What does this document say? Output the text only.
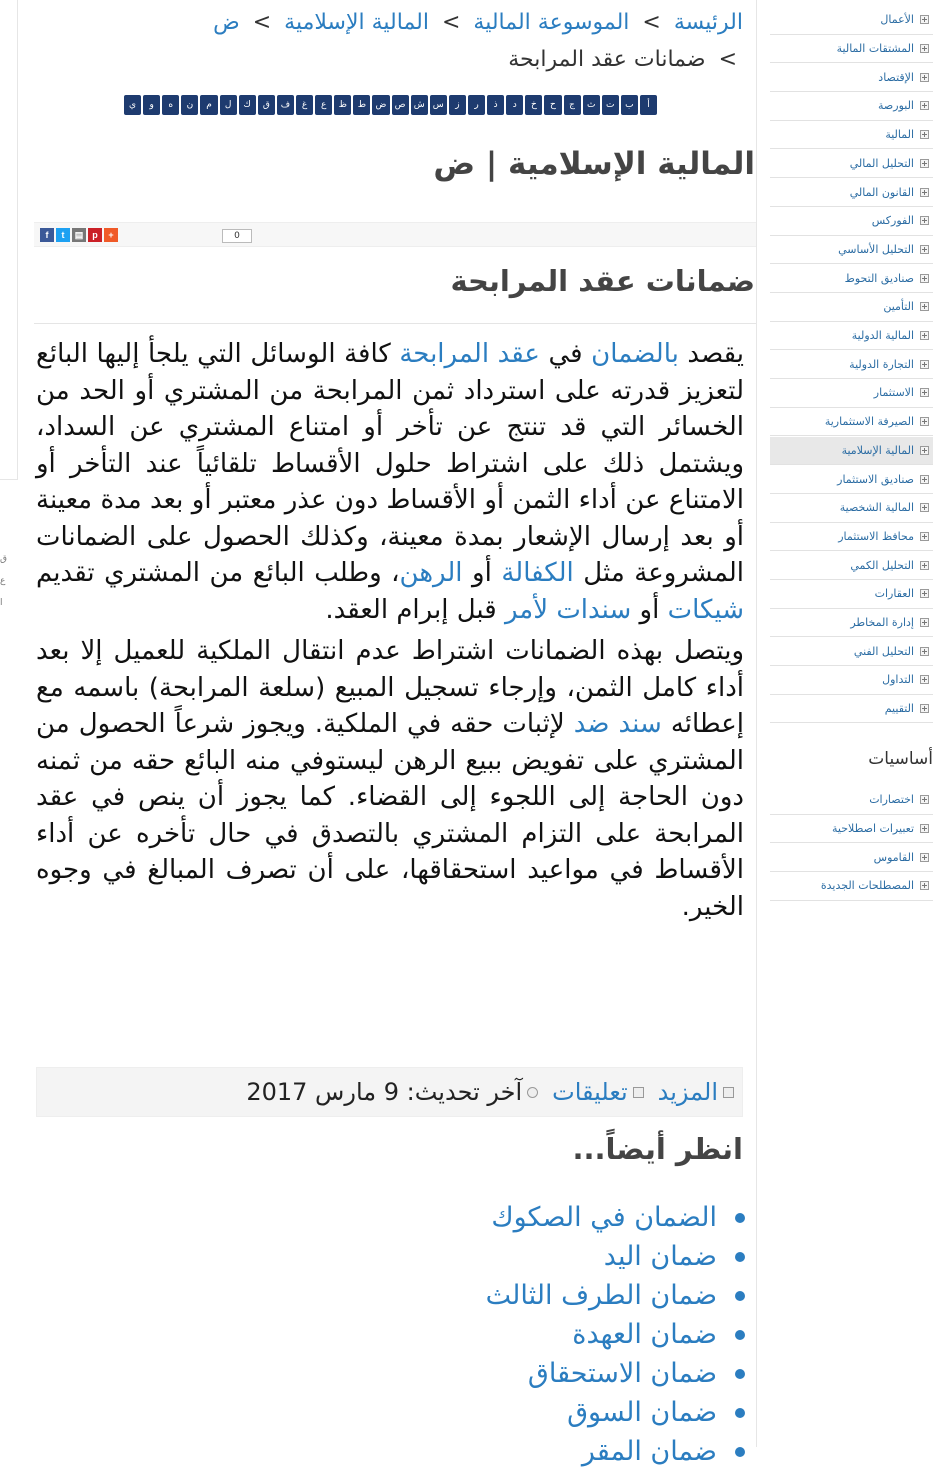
ق
ع
ا
الرئيسة > الموسوعة المالية > المالية الإسلامية > ض > ضمانات عقد المرابحة
ي	و	ه	ن	م	ل	ك	ق	ف	غ	ع	ظ	ط	ض ص ش س	ز	ر	ذ	د	خ	ح	ج	ث	ت	ب	أ
المالية الإسلامية | ض
f	t	▤	p	+	0
ضمانات عقد المرابحة

يقصد بالضمان في عقد المرابحة كافة الوسائل التي يلجأ إليها البائع لتعزيز قدرته على استرداد ثمن المرابحة من المشتري أو الحد من الخسائر التي قد تنتج عن تأخر أو امتناع المشتري عن السداد، ويشتمل ذلك على اشتراط حلول الأقساط تلقائياً عند التأخر أو الامتناع عن أداء الثمن أو الأقساط دون عذر معتبر أو بعد مدة معينة أو بعد إرسال الإشعار بمدة معينة، وكذلك الحصول على الضمانات المشروعة مثل الكفالة أو الرهن، وطلب البائع من المشتري تقديم شيكات أو سندات لأمر قبل إبرام العقد.

ويتصل بهذه الضمانات اشتراط عدم انتقال الملكية للعميل إلا بعد أداء كامل الثمن، وإرجاء تسجيل المبيع (سلعة المرابحة) باسمه مع إعطائه سند ضد لإثبات حقه في الملكية. ويجوز شرعاً الحصول من المشتري على تفويض ببيع الرهن ليستوفي منه البائع حقه من ثمنه دون الحاجة إلى اللجوء إلى القضاء. كما يجوز أن ينص في عقد المرابحة على التزام المشتري بالتصدق في حال تأخره عن أداء الأقساط في مواعيد استحقاقها، على أن تصرف المبالغ في وجوه الخير.

المزيد
تعليقات
آخر تحديث: 9 مارس 2017
انظر أيضاً...
الضمان في الصكوك
ضمان اليد
ضمان الطرف الثالث
ضمان العهدة
ضمان الاستحقاق
ضمان السوق
ضمان المقر
أساسيات
الأعمال
المشتقات المالية
الإقتصاد
البورصة
المالية
التحليل المالي
القانون المالي
الفوركس
التحليل الأساسي
صناديق التحوط
التأمين
المالية الدولية
التجارة الدولية
الاستثمار
الصيرفة الاستثمارية
المالية الإسلامية
صناديق الاستثمار
المالية الشخصية
محافظ الاستثمار
التحليل الكمي
العقارات
إدارة المخاطر
التحليل الفني
التداول
التقييم
اختصارات
تعبيرات اصطلاحية
القاموس
المصطلحات الجديدة
